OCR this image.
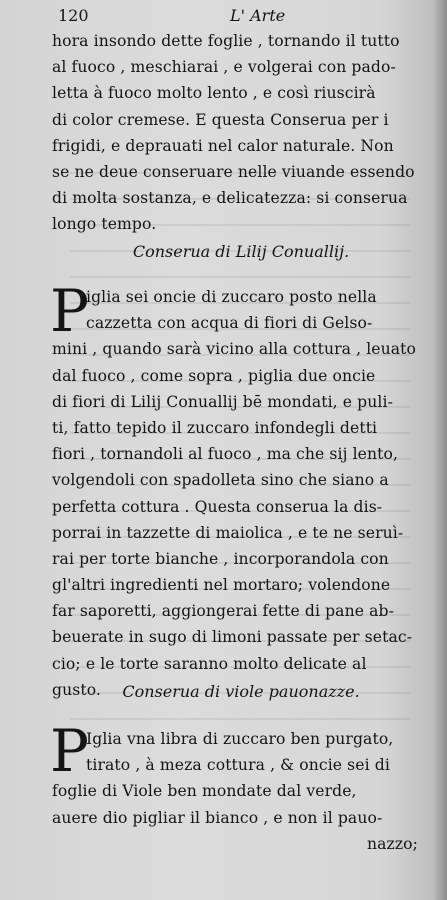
120	L' Arte
hora insondo dette foglie , tornando il tutto
al fuoco , meschiarai , e volgerai con pado-
letta à fuoco molto lento , e così riuscirà
di color cremese. E questa Conserua per i
frigidi, e deprauati nel calor naturale. Non
se ne deue conseruare nelle viuande essendo
di molta sostanza, e delicatezza: si conserua
longo tempo.
Conserua di Lilij Conuallij.
P
iglia sei oncie di zuccaro posto nella
cazzetta con acqua di fiori di Gelso-
mini , quando sarà vicino alla cottura , leuato
dal fuoco , come sopra , piglia due oncie
di fiori di Lilij Conuallij bē mondati, e puli-
ti, fatto tepido il zuccaro infondegli detti
fiori , tornandoli al fuoco , ma che sij lento,
volgendoli con spadolleta sino che siano a
perfetta cottura . Questa conserua la dis-
porrai in tazzette di maiolica , e te ne seruì-
rai per torte bianche , incorporandola con
gl'altri ingredienti nel mortaro; volendone
far saporetti, aggiongerai fette di pane ab-
beuerate in sugo di limoni passate per setac-
cio; e le torte saranno molto delicate al
gusto.	Conserua di viole pauonazze.
P
Iglia vna libra di zuccaro ben purgato,
tirato , à meza cottura , & oncie sei di
foglie di Viole ben mondate dal verde,
auere dio pigliar il bianco , e non il pauo-
nazzo;
